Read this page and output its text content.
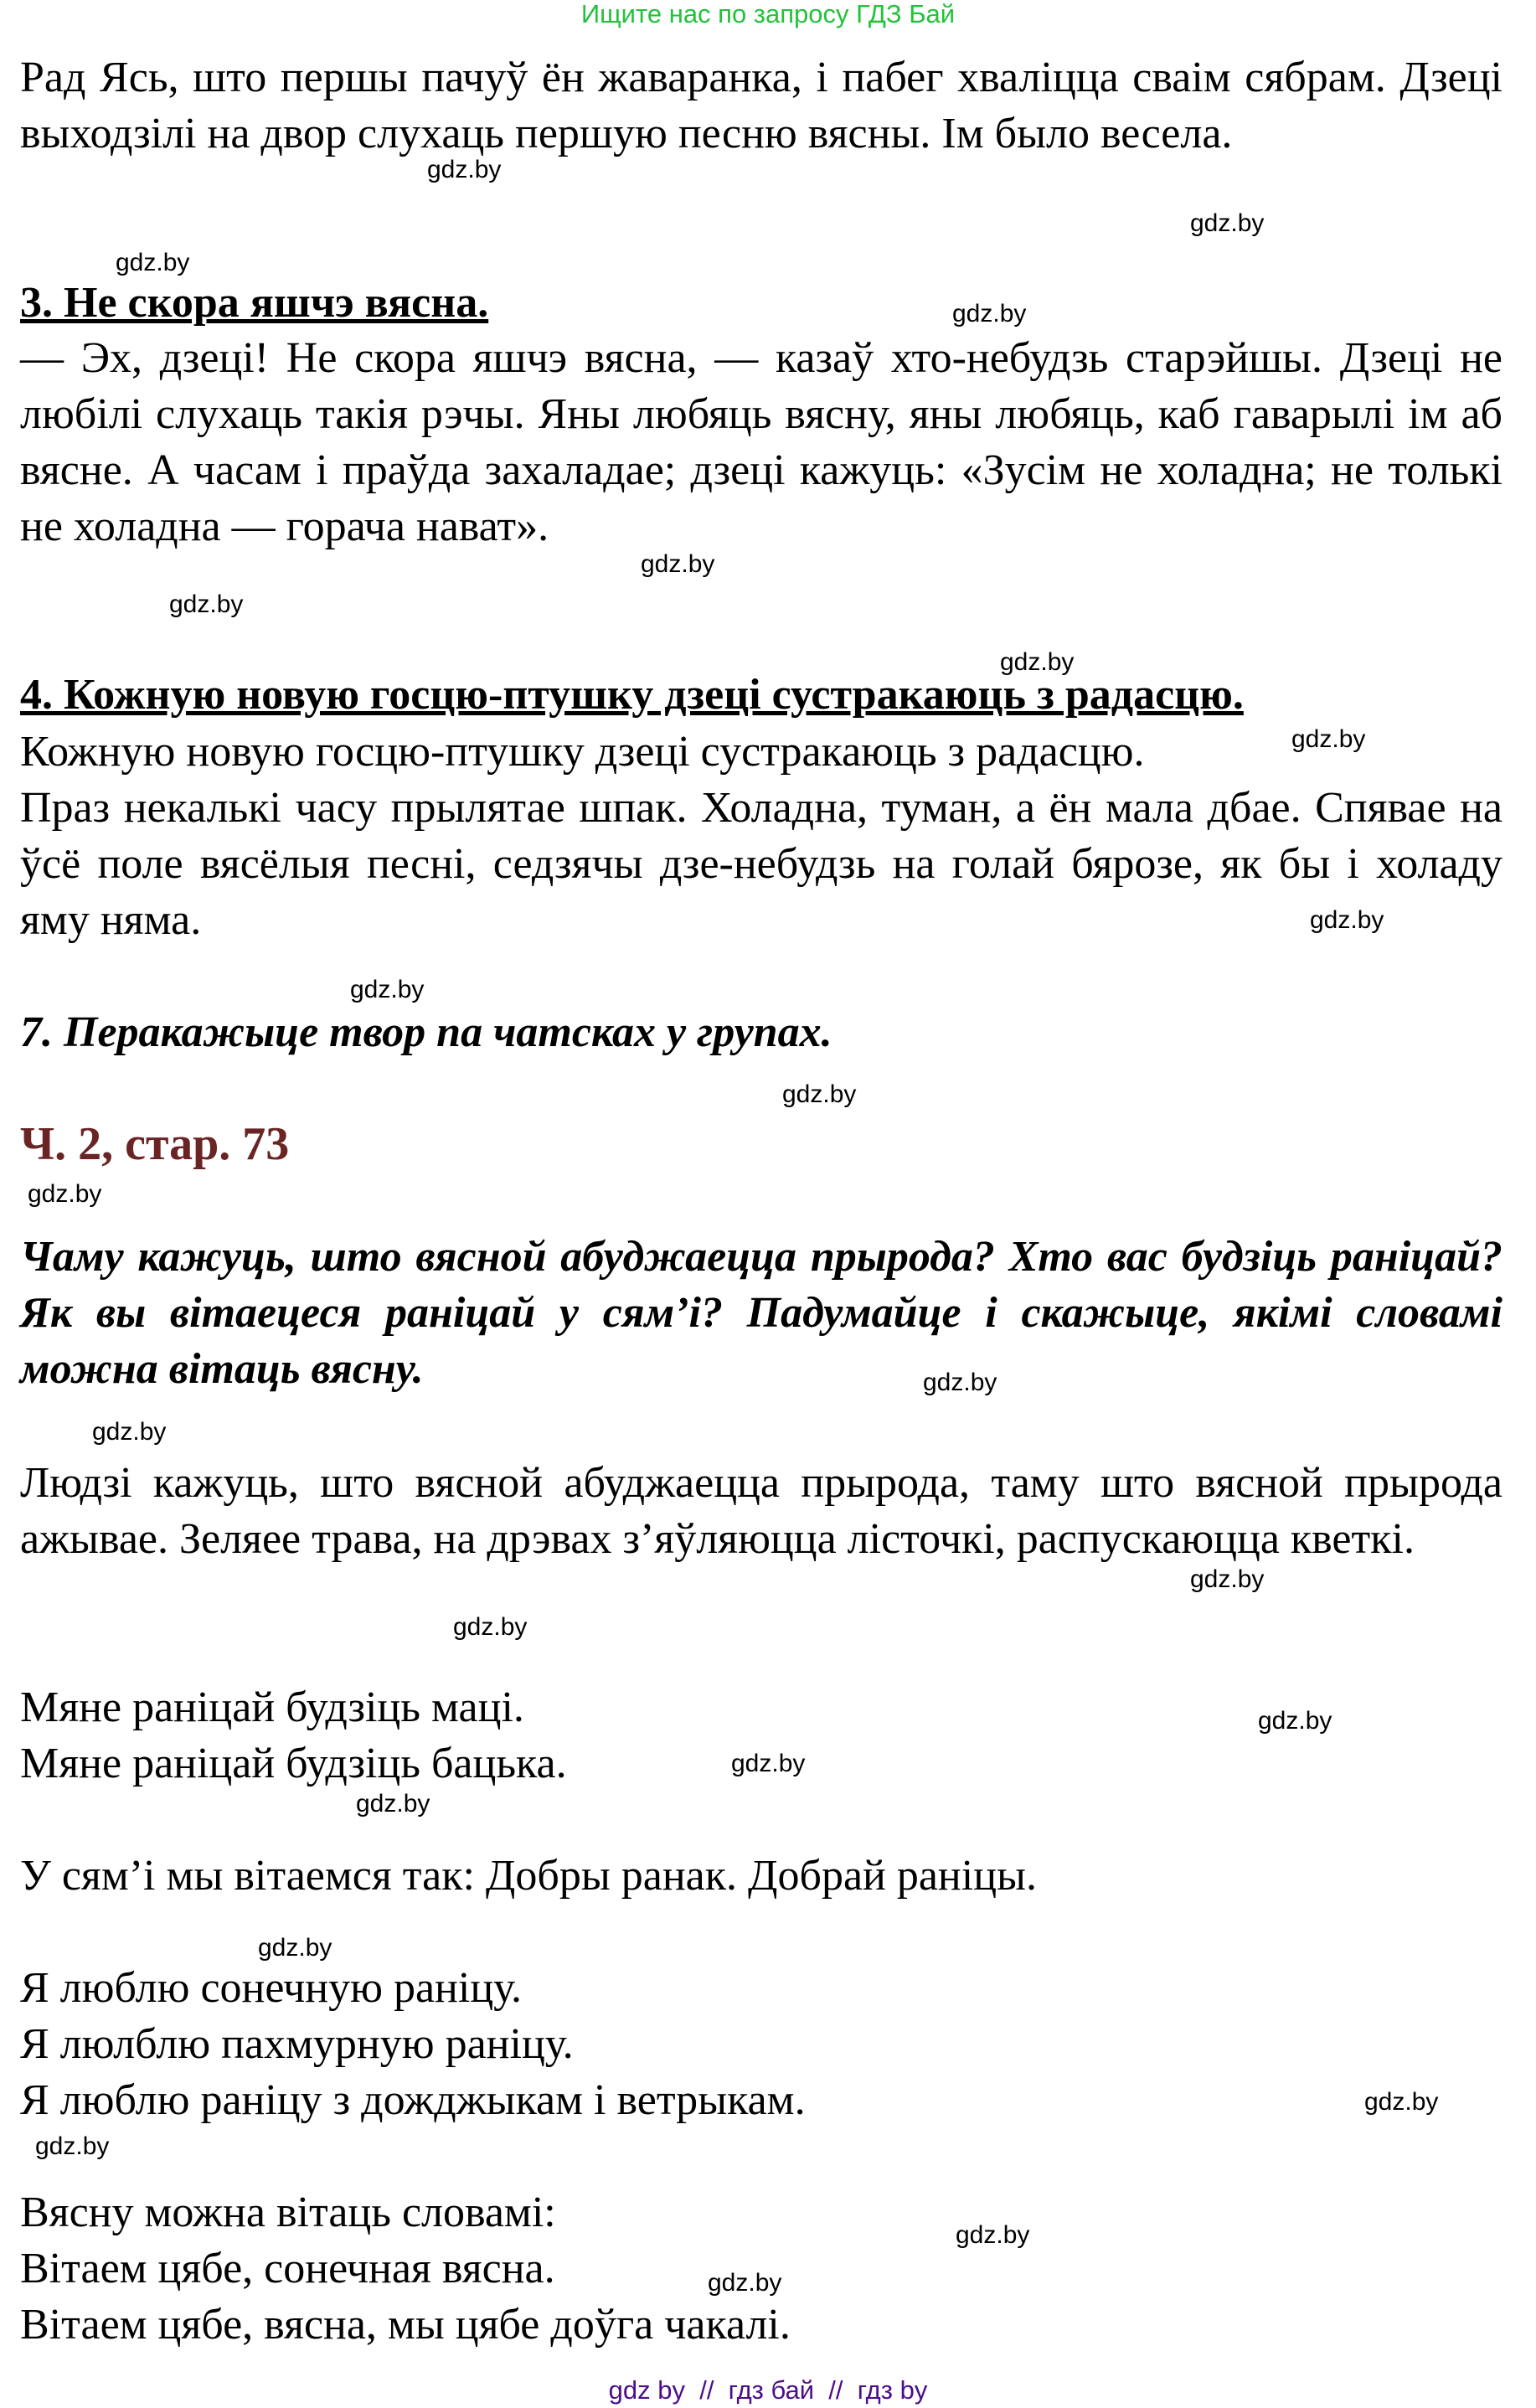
Ищите нас по запросу ГДЗ Бай
Рад Ясь, што першы пачуў ён жаваранка, і пабег хваліцца сваім сябрам. Дзеці выходзілі на двор слухаць першую песню вясны. Ім было весела.
3. Не скора яшчэ вясна.
— Эх, дзеці! Не скора яшчэ вясна, — казаў хто-небудзь старэйшы. Дзеці не любілі слухаць такія рэчы. Яны любяць вясну, яны любяць, каб гаварылі ім аб вясне. А часам і праўда захаладае; дзеці кажуць: «Зусім не холадна; не толькі не холадна — горача нават».
4. Кожную новую госцю-птушку дзеці сустракаюць з радасцю.
Кожную новую госцю-птушку дзеці сустракаюць з радасцю.
Праз некалькі часу прылятае шпак. Холадна, туман, а ён мала дбае. Спявае на ўсё поле вясёлыя песні, седзячы дзе-небудзь на голай бярозе, як бы і холаду яму няма.
7. Перакажыце твор па чатсках у групах.
Ч. 2, стар. 73
Чаму кажуць, што вясной абуджаецца прырода? Хто вас будзіць раніцай? Як вы вітаецеся раніцай у сям’і? Падумайце і скажыце, якімі словамі можна вітаць вясну.
Людзі кажуць, што вясной абуджаецца прырода, таму што вясной прырода ажывае. Зеляее трава, на дрэвах з’яўляюцца лісточкі, распускаюцца кветкі.
Мяне раніцай будзіць маці.
Мяне раніцай будзіць бацька.
У сям’і мы вітаемся так: Добры ранак. Добрай раніцы.
Я люблю сонечную раніцу.
Я люлблю пахмурную раніцу.
Я люблю раніцу з дожджыкам і ветрыкам.
Вясну можна вітаць словамі:
Вітаем цябе, сонечная вясна.
Вітаем цябе, вясна, мы цябе доўга чакалі.
gdz.by
gdz.by
gdz.by
gdz.by
gdz.by
gdz.by
gdz.by
gdz.by
gdz.by
gdz.by
gdz.by
gdz.by
gdz.by
gdz.by
gdz.by
gdz.by
gdz.by
gdz.by
gdz.by
gdz.by
gdz.by
gdz.by
gdz.by
gdz.by
gdz by  //  гдз бай  //  гдз by
